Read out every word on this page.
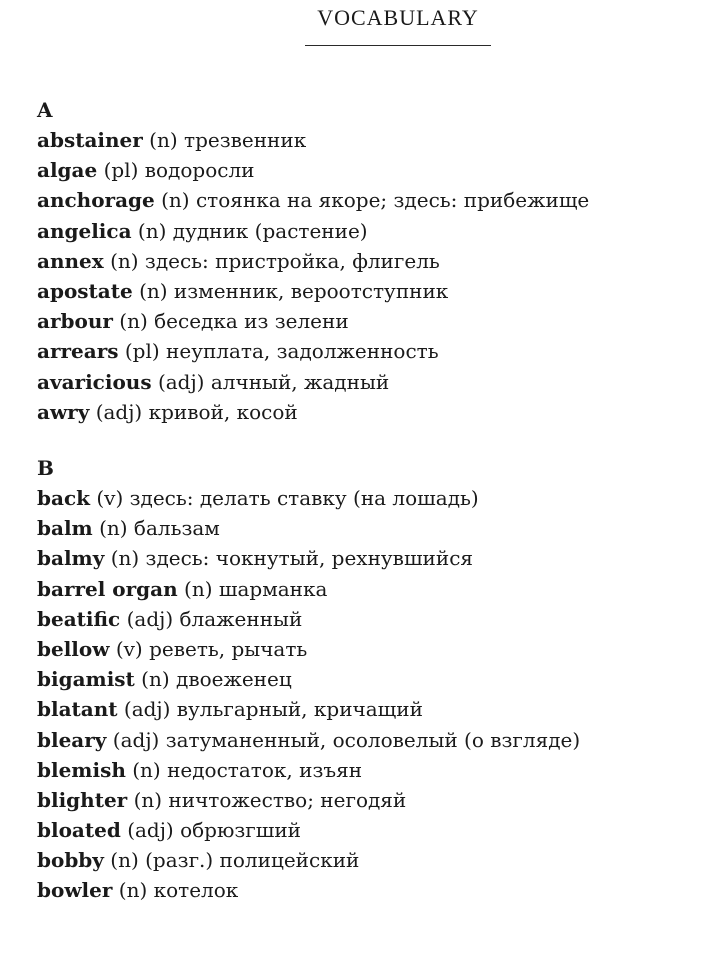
VOCABULARY
A
abstainer (n) трезвенник
algae (pl) водоросли
anchorage (n) стоянка на якоре; здесь: прибежище
angelica (n) дудник (растение)
annex (n) здесь: пристройка, флигель
apostate (n) изменник, вероотступник
arbour (n) беседка из зелени
arrears (pl) неуплата, задолженность
avaricious (adj) алчный, жадный
awry (adj) кривой, косой
B
back (v) здесь: делать ставку (на лошадь)
balm (n) бальзам
balmy (n) здесь: чокнутый, рехнувшийся
barrel organ (n) шарманка
beatific (adj) блаженный
bellow (v) реветь, рычать
bigamist (n) двоеженец
blatant (adj) вульгарный, кричащий
bleary (adj) затуманенный, осоловелый (о взгляде)
blemish (n) недостаток, изъян
blighter (n) ничтожество; негодяй
bloated (adj) обрюзгший
bobby (n) (разг.) полицейский
bowler (n) котелок
